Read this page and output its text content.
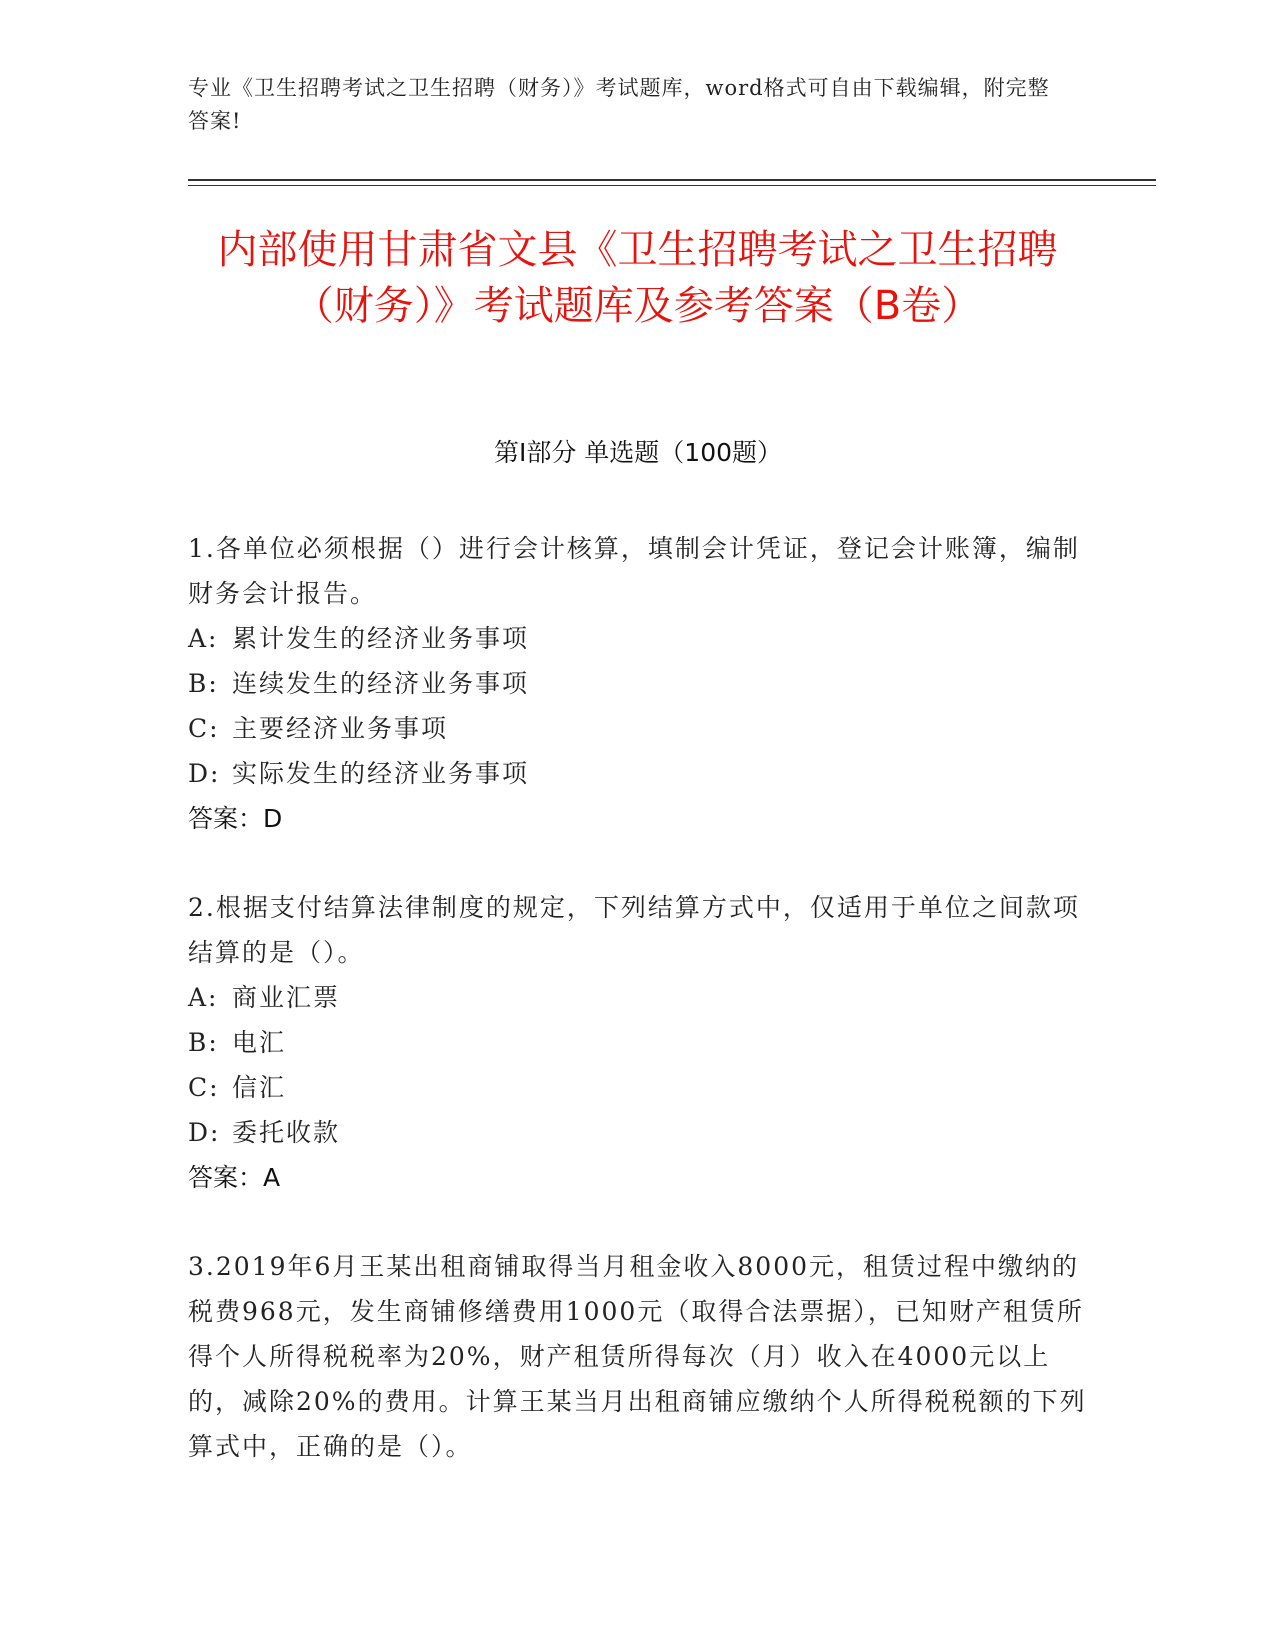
专业《卫生招聘考试之卫生招聘（财务）》考试题库，word格式可自由下载编辑，附完整答案!
内部使用甘肃省文县《卫生招聘考试之卫生招聘（财务）》考试题库及参考答案（B卷）
第I部分 单选题（100题）

1.各单位必须根据（）进行会计核算，填制会计凭证，登记会计账簿，编制财务会计报告。

A: 累计发生的经济业务事项

B: 连续发生的经济业务事项

C: 主要经济业务事项

D: 实际发生的经济业务事项

答案：D

2.根据支付结算法律制度的规定，下列结算方式中，仅适用于单位之间款项结算的是（）。

A: 商业汇票

B: 电汇

C: 信汇

D: 委托收款

答案：A

3.2019年6月王某出租商铺取得当月租金收入8000元，租赁过程中缴纳的税费968元，发生商铺修缮费用1000元（取得合法票据），已知财产租赁所得个人所得税税率为20%，财产租赁所得每次（月）收入在4000元以上的，减除20%的费用。计算王某当月出租商铺应缴纳个人所得税税额的下列算式中，正确的是（）。
